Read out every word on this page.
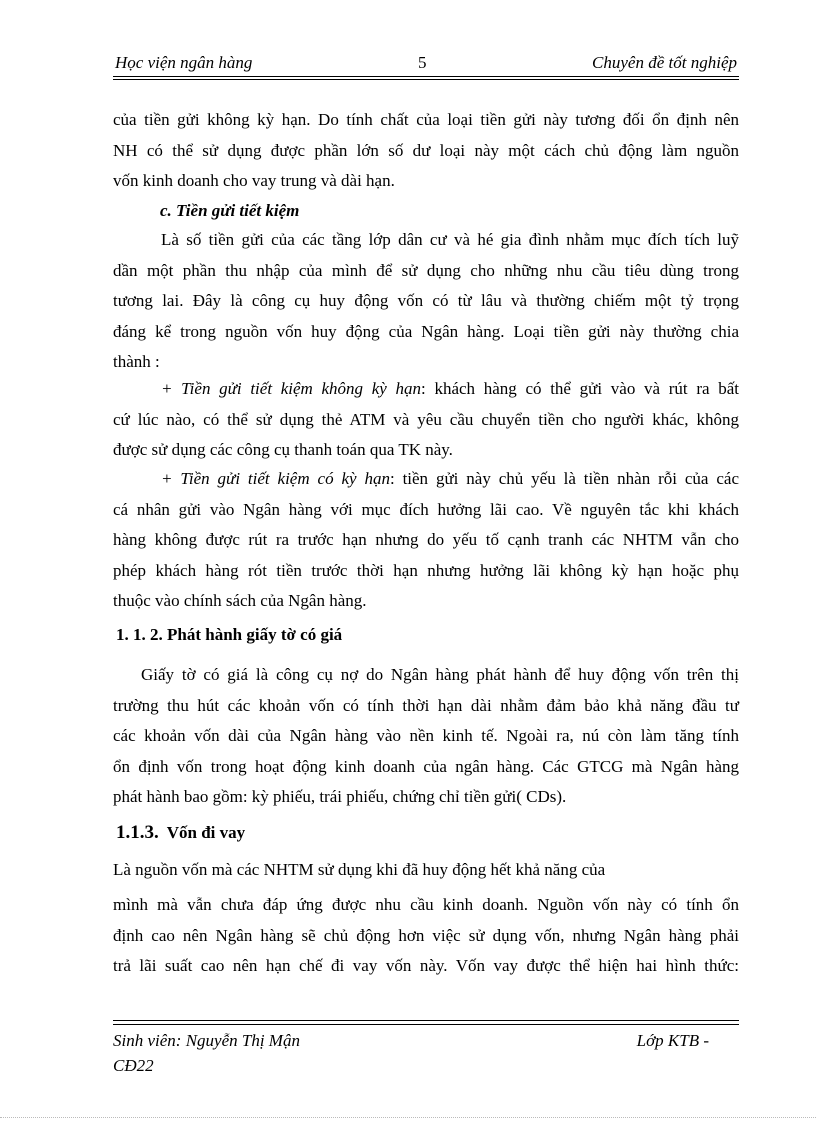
Học viện ngân hàng	5	Chuyên đề tốt nghiệp
của tiền gửi không kỳ hạn. Do tính chất của loại tiền gửi này tương đối ổn định nên
NH có thể sử dụng được phần lớn số dư loại này một cách chủ động làm nguồn
vốn kinh doanh cho vay trung và dài hạn.
c. Tiền gửi tiết kiệm
Là số tiền gửi của các tầng lớp dân cư và hé gia đình nhằm mục đích tích luỹ
dần một phần thu nhập của mình để sử dụng cho những nhu cầu tiêu dùng trong
tương lai. Đây là công cụ huy động vốn có từ lâu và thường chiếm một tỷ trọng
đáng kể trong nguồn vốn huy động của Ngân hàng. Loại tiền gửi này thường chia
thành :
+ Tiền gửi tiết kiệm không kỳ hạn: khách hàng có thể gửi vào và rút ra bất
cứ lúc nào, có thể sử dụng thẻ ATM và yêu cầu chuyển tiền cho người khác, không
được sử dụng các công cụ thanh toán qua TK này.
+ Tiền gửi tiết kiệm có kỳ hạn: tiền gửi này chủ yếu là tiền nhàn rỗi của các
cá nhân gửi vào Ngân hàng với mục đích hưởng lãi cao. Về nguyên tắc khi khách
hàng không được rút ra trước hạn nhưng do yếu tố cạnh tranh các NHTM vẫn cho
phép khách hàng rót tiền trước thời hạn nhưng hưởng lãi không kỳ hạn hoặc phụ
thuộc vào chính sách của Ngân hàng.
1. 1. 2. Phát hành giấy tờ có giá
Giấy tờ có giá là công cụ nợ do Ngân hàng phát hành để huy động vốn trên thị
trường thu hút các khoản vốn có tính thời hạn dài nhằm đảm bảo khả năng đầu tư
các khoản vốn dài của Ngân hàng vào nền kinh tế. Ngoài ra, nú còn làm tăng tính
ổn định vốn trong hoạt động kinh doanh của ngân hàng. Các GTCG mà Ngân hàng
phát hành bao gồm: kỳ phiếu, trái phiếu, chứng chỉ tiền gửi( CDs).
1.1.3. Vốn đi vay
Là nguồn vốn mà các NHTM sử dụng khi đã huy động hết khả năng của
mình mà vẫn chưa đáp ứng được nhu cầu kinh doanh. Nguồn vốn này có tính ổn
định cao nên Ngân hàng sẽ chủ động hơn việc sử dụng vốn, nhưng Ngân hàng phải
trả lãi suất cao nên hạn chế đi vay vốn này. Vốn vay được thể hiện hai hình thức:
Sinh viên: Nguyễn Thị Mận
CĐ22
Lớp KTB -
